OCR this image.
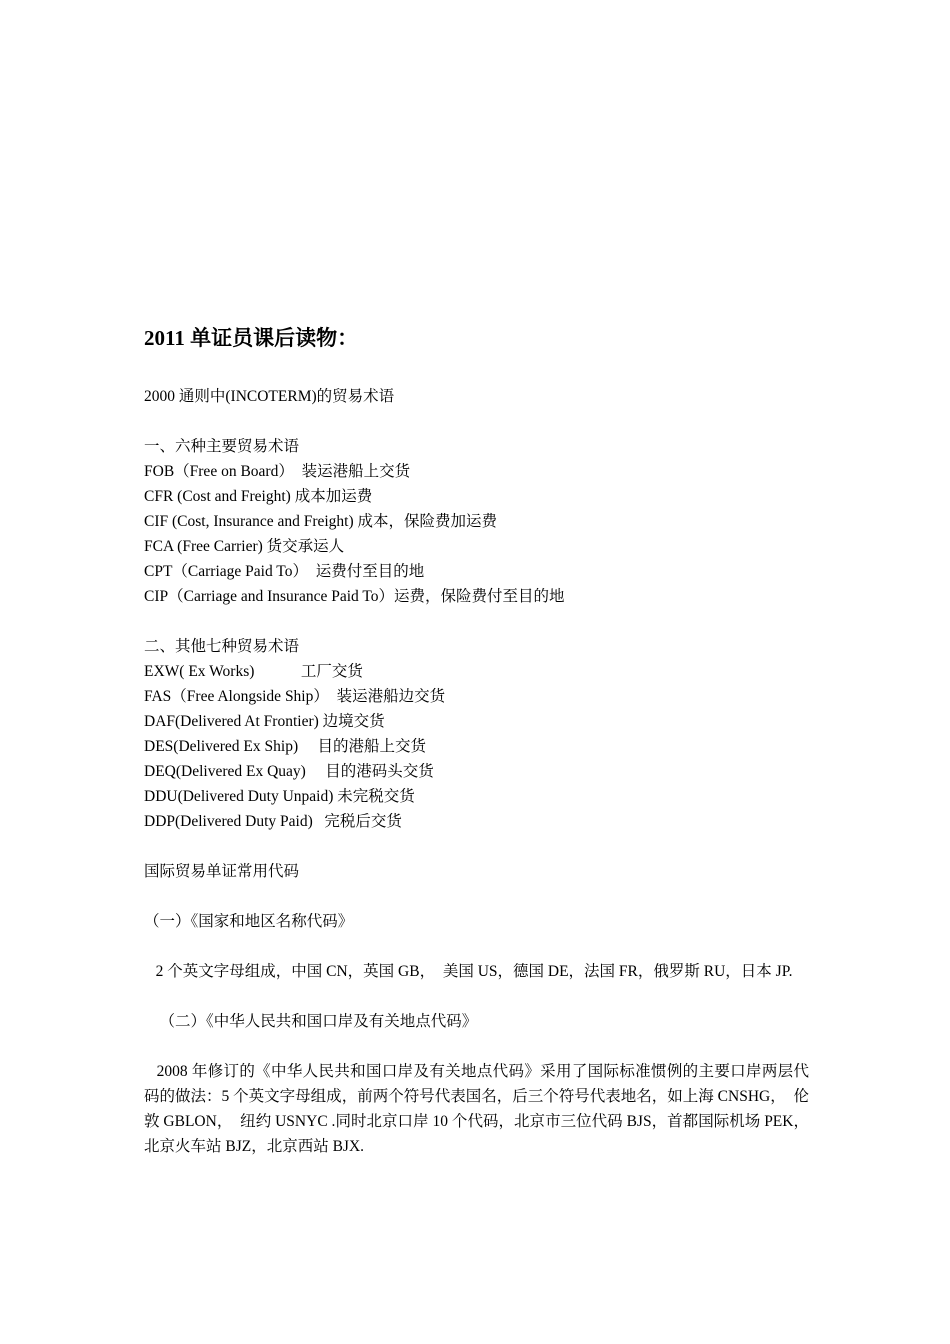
2011 单证员课后读物：

2000 通则中(INCOTERM)的贸易术语

一、六种主要贸易术语

FOB（Free on Board）  装运港船上交货

CFR (Cost and Freight) 成本加运费

CIF (Cost, Insurance and Freight) 成本，保险费加运费

FCA (Free Carrier) 货交承运人

CPT（Carriage Paid To）  运费付至目的地

CIP（Carriage and Insurance Paid To）运费，保险费付至目的地

二、其他七种贸易术语

EXW( Ex Works)            工厂交货

FAS（Free Alongside Ship）  装运港船边交货

DAF(Delivered At Frontier) 边境交货

DES(Delivered Ex Ship)     目的港船上交货

DEQ(Delivered Ex Quay)     目的港码头交货

DDU(Delivered Duty Unpaid) 未完税交货

DDP(Delivered Duty Paid)   完税后交货

国际贸易单证常用代码

（一）《国家和地区名称代码》

2 个英文字母组成，中国 CN，英国 GB，  美国 US，德国 DE，法国 FR，俄罗斯 RU，日本 JP.

（二）《中华人民共和国口岸及有关地点代码》

2008 年修订的《中华人民共和国口岸及有关地点代码》采用了国际标准惯例的主要口岸两层代码的做法：5 个英文字母组成，前两个符号代表国名，后三个符号代表地名，如上海 CNSHG，  伦敦 GBLON，  纽约 USNYC .同时北京口岸 10 个代码，北京市三位代码 BJS，首都国际机场 PEK，北京火车站 BJZ，北京西站 BJX.
